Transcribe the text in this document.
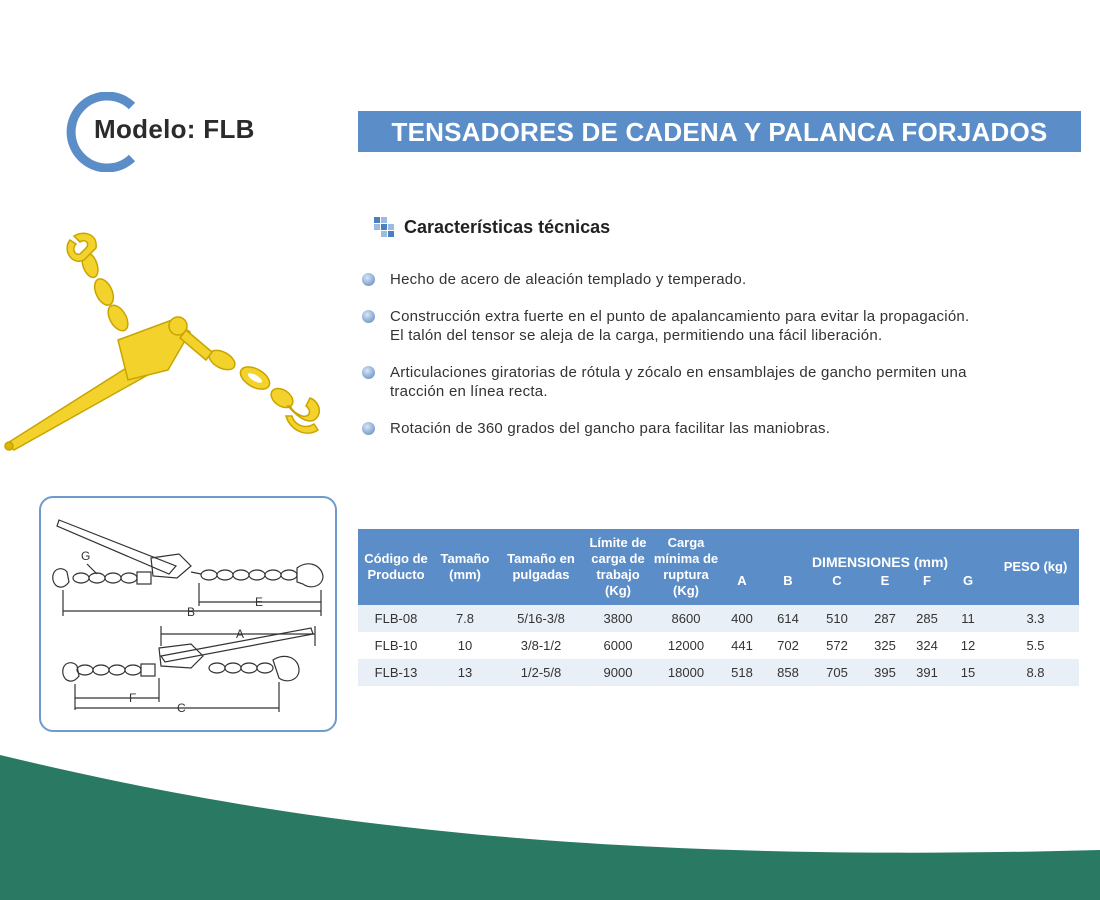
Modelo: FLB	TENSADORES DE CADENA Y PALANCA FORJADOS
Características técnicas
Hecho de acero de aleación templado y temperado.
Construcción extra fuerte en el punto de apalancamiento para evitar la propagación.
El talón del tensor se aleja de la carga, permitiendo una fácil liberación.
Articulaciones giratorias de rótula y zócalo en ensamblajes de gancho permiten una
tracción en línea recta.
Rotación de 360 grados del gancho para facilitar las maniobras.
G
B
E
A
F
C
Código de Producto	Tamaño (mm)	Tamaño en pulgadas	Límite de carga de trabajo (Kg)	Carga mínima de ruptura (Kg)	A	B	C	E	F	G	PESO (kg)
FLB-08	7.8	5/16-3/8	3800	8600	400	614	510	287	285	11	3.3
FLB-10	10	3/8-1/2	6000	12000	441	702	572	325	324	12	5.5
FLB-13	13	1/2-5/8	9000	18000	518	858	705	395	391	15	8.8
DIMENSIONES (mm)
